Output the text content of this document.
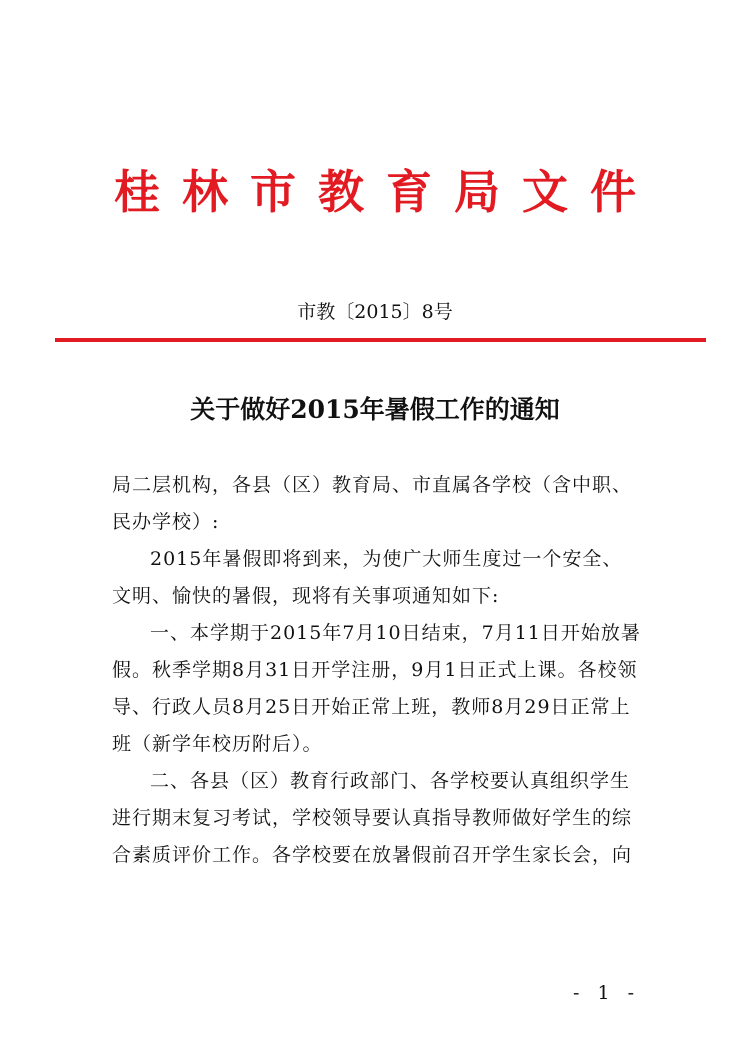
桂林市教育局文件
市教〔2015〕8号
关于做好2015年暑假工作的通知

局二层机构，各县（区）教育局、市直属各学校（含中职、民办学校）:

2015年暑假即将到来，为使广大师生度过一个安全、文明、愉快的暑假，现将有关事项通知如下:

一、本学期于2015年7月10日结束，7月11日开始放暑假。秋季学期8月31日开学注册，9月1日正式上课。各校领导、行政人员8月25日开始正常上班，教师8月29日正常上班（新学年校历附后）。

二、各县（区）教育行政部门、各学校要认真组织学生进行期末复习考试，学校领导要认真指导教师做好学生的综合素质评价工作。各学校要在放暑假前召开学生家长会，向

- 1 -
